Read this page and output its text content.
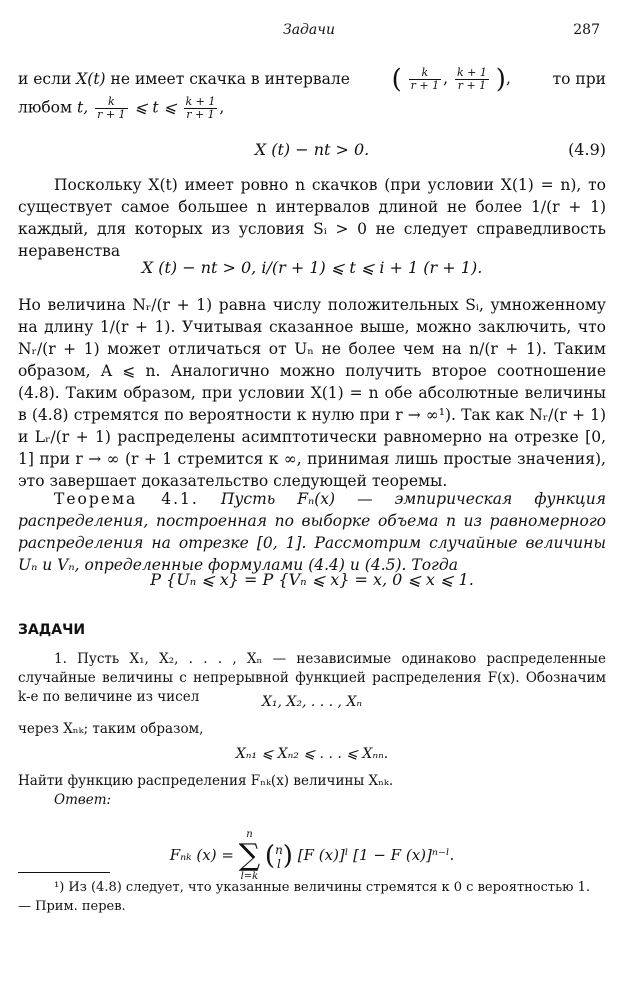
Задачи	287
и если X(t) не имеет скачка в интервале ( $\frac{k}{r + 1}$ , $\frac{k + 1}{r + 1}$ ),	то при
любом t, $\frac{k}{r + 1}$ ⩽ t ⩽ $\frac{k + 1}{r + 1}$ ,

X (t) − nt > 0.	(4.9)

Поскольку X(t) имеет ровно n скачков (при условии X(1) = n), то существует самое большее n интервалов длиной не более 1/(r + 1) каждый, для которых из условия Sᵢ > 0 не следует справедливость неравенства

X (t) − nt > 0, i/(r + 1) ⩽ t ⩽ i + 1 (r + 1).

Но величина Nᵣ/(r + 1) равна числу положительных Sᵢ, умноженному на длину 1/(r + 1). Учитывая сказанное выше, можно заключить, что Nᵣ/(r + 1) может отличаться от Uₙ не более чем на n/(r + 1). Таким образом, A ⩽ n. Аналогично можно получить второе соотношение (4.8). Таким образом, при условии X(1) = n обе абсолютные величины в (4.8) стремятся по вероятности к нулю при r → ∞¹). Так как Nᵣ/(r + 1) и Lᵣ/(r + 1) распределены асимптотически равномерно на отрезке [0, 1] при r → ∞ (r + 1 стремится к ∞, принимая лишь простые значения), это завершает доказательство следующей теоремы.

Теорема 4.1. Пусть Fₙ(x) — эмпирическая функция распределения, построенная по выборке объема n из равномерного распределения на отрезке [0, 1]. Рассмотрим случайные величины Uₙ и Vₙ, определенные формулами (4.4) и (4.5). Тогда

P {Uₙ ⩽ x} = P {Vₙ ⩽ x} = x, 0 ⩽ x ⩽ 1.

ЗАДАЧИ

1. Пусть X₁, X₂, . . . , Xₙ — независимые одинаково распределенные случайные величины с непрерывной функцией распределения F(x). Обозначим k-е по величине из чисел	X₁, X₂, . . . , Xₙ

через Xₙₖ; таким образом,

Xₙ₁ ⩽ Xₙ₂ ⩽ . . . ⩽ Xₙₙ.

Найти функцию распределения Fₙₖ(x) величины Xₙₖ.

Ответ:

Fₙₖ (x) =
n
∑
l=k
( n
l ) [F (x)]ˡ [1 − F (x)]ⁿ⁻ˡ.

¹) Из (4.8) следует, что указанные величины стремятся к 0 с вероятностью 1. — Прим. перев.
